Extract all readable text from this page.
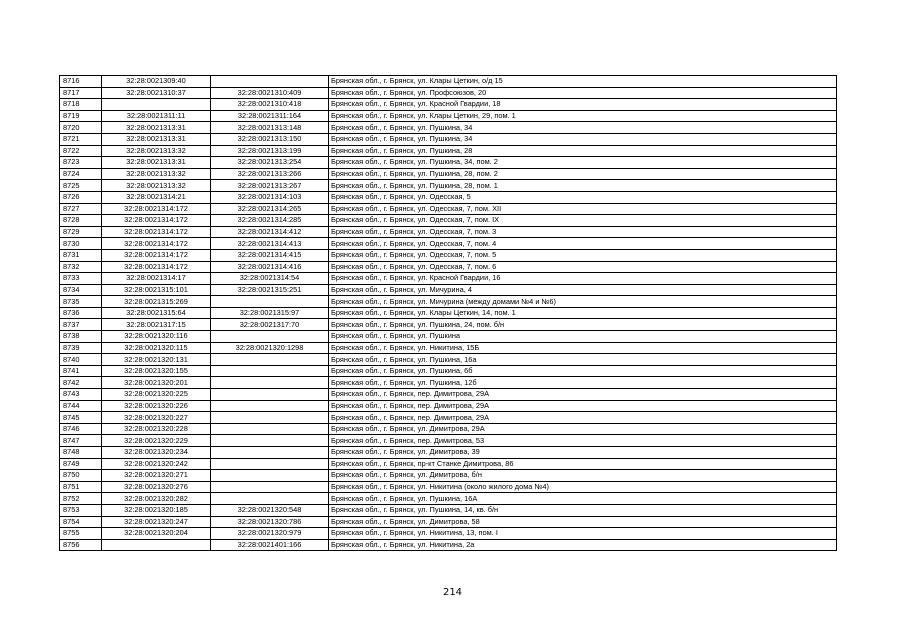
8716	32:28:0021309:40		Брянская обл., г. Брянск, ул. Клары Цеткин, о/д 15
8717	32:28:0021310:37	32:28:0021310:409	Брянская обл., г. Брянск, ул. Профсоюзов, 20
8718		32:28:0021310:418	Брянская обл., г. Брянск, ул. Красной Гвардии, 18
8719	32:28:0021311:11	32:28:0021311:164	Брянская обл., г. Брянск, ул. Клары Цеткин, 29, пом. 1
8720	32:28:0021313:31	32:28:0021313:148	Брянская обл., г. Брянск, ул. Пушкина, 34
8721	32:28:0021313:31	32:28:0021313:150	Брянская обл., г. Брянск, ул. Пушкина, 34
8722	32:28:0021313:32	32:28:0021313:199	Брянская обл., г. Брянск, ул. Пушкина, 28
8723	32:28:0021313:31	32:28:0021313:254	Брянская обл., г. Брянск, ул. Пушкина, 34, пом. 2
8724	32:28:0021313:32	32:28:0021313:266	Брянская обл., г. Брянск, ул. Пушкина, 28, пом. 2
8725	32:28:0021313:32	32:28:0021313:267	Брянская обл., г. Брянск, ул. Пушкина, 28, пом. 1
8726	32:28:0021314:21	32:28:0021314:103	Брянская обл., г. Брянск, ул. Одесская, 5
8727	32:28:0021314:172	32:28:0021314:265	Брянская обл., г. Брянск, ул. Одесская, 7, пом. XII
8728	32:28:0021314:172	32:28:0021314:285	Брянская обл., г. Брянск, ул. Одесская, 7, пом. IX
8729	32:28:0021314:172	32:28:0021314:412	Брянская обл., г. Брянск, ул. Одесская, 7, пом. 3
8730	32:28:0021314:172	32:28:0021314:413	Брянская обл., г. Брянск, ул. Одесская, 7, пом. 4
8731	32:28:0021314:172	32:28:0021314:415	Брянская обл., г. Брянск, ул. Одесская, 7, пом. 5
8732	32:28:0021314:172	32:28:0021314:416	Брянская обл., г. Брянск, ул. Одесская, 7, пом. 6
8733	32:28:0021314:17	32:28:0021314:54	Брянская обл., г. Брянск, ул. Красной Гвардии, 16
8734	32:28:0021315:101	32:28:0021315:251	Брянская обл., г. Брянск, ул. Мичурина, 4
8735	32:28:0021315:269		Брянская обл., г. Брянск, ул. Мичурина (между домами №4 и №6)
8736	32:28:0021315:64	32:28:0021315:97	Брянская обл., г. Брянск, ул. Клары Цеткин, 14, пом. 1
8737	32:28:0021317:15	32:28:0021317:70	Брянская обл., г. Брянск, ул. Пушкина, 24, пом. б/н
8738	32:28:0021320:116		Брянская обл., г. Брянск, ул. Пушкина
8739	32:28:0021320:115	32:28:0021320:1298	Брянская обл., г. Брянск, ул. Никитина, 15Б
8740	32:28:0021320:131		Брянская обл., г. Брянск, ул. Пушкина, 16а
8741	32:28:0021320:155		Брянская обл., г. Брянск, ул. Пушкина, 6б
8742	32:28:0021320:201		Брянская обл., г. Брянск, ул. Пушкина, 12б
8743	32:28:0021320:225		Брянская обл., г. Брянск, пер. Димитрова, 29А
8744	32:28:0021320:226		Брянская обл., г. Брянск, пер. Димитрова, 29А
8745	32:28:0021320:227		Брянская обл., г. Брянск, пер. Димитрова, 29А
8746	32:28:0021320:228		Брянская обл., г. Брянск, ул. Димитрова, 29А
8747	32:28:0021320:229		Брянская обл., г. Брянск, пер. Димитрова, 53
8748	32:28:0021320:234		Брянская обл., г. Брянск, ул. Димитрова, 39
8749	32:28:0021320:242		Брянская обл., г. Брянск, пр-кт Станке Димитрова, 86
8750	32:28:0021320:271		Брянская обл., г. Брянск, ул. Димитрова, б/н
8751	32:28:0021320:276		Брянская обл., г. Брянск, ул. Никитина (около жилого дома №4)
8752	32:28:0021320:282		Брянская обл., г. Брянск, ул. Пушкина, 16А
8753	32:28:0021320:185	32:28:0021320:548	Брянская обл., г. Брянск, ул. Пушкина, 14, кв. б/н
8754	32:28:0021320:247	32:28:0021320:786	Брянская обл., г. Брянск, ул. Димитрова, 58
8755	32:28:0021320:204	32:28:0021320:979	Брянская обл., г. Брянск, ул. Никитина, 13, пом. I
8756		32:28:0021401:166	Брянская обл., г. Брянск, ул. Никитина, 2а
214
